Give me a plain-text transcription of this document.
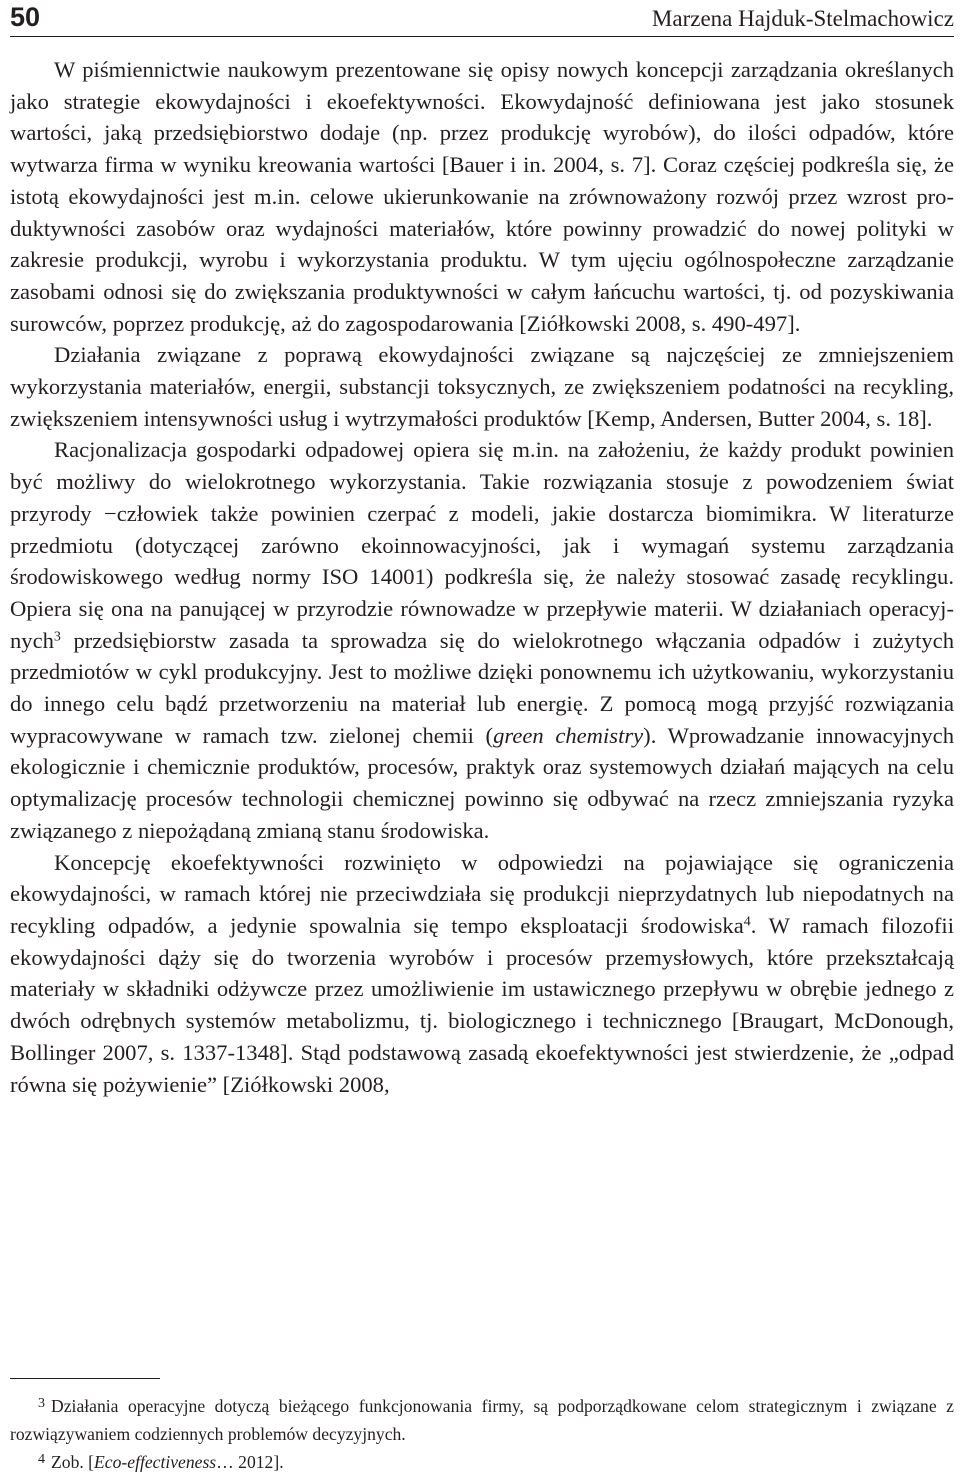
50	Marzena Hajduk-Stelmachowicz

W piśmiennictwie naukowym prezentowane się opisy nowych koncepcji zarządzania określanych jako strategie ekowydajności i ekoefektywności. Ekowydajność definiowana jest jako stosunek wartości, jaką przedsiębiorstwo dodaje (np. przez produkcję wyrobów), do ilości odpadów, które wytwarza firma w wyniku kreowania wartości [Bauer i in. 2004, s. 7]. Coraz częściej podkreśla się, że istotą ekowydajności jest m.in. celowe ukierunkowanie na zrównoważony rozwój przez wzrost produktywności zasobów oraz wydajności materiałów, które powinny prowadzić do nowej polityki w zakresie produkcji, wyrobu i wykorzystania produktu. W tym ujęciu ogólnospołeczne zarządzanie zasobami odnosi się do zwiększania produktywności w całym łańcuchu wartości, tj. od pozyskiwania surowców, poprzez produkcję, aż do zagospodarowania [Ziółkowski 2008, s. 490-497].

Działania związane z poprawą ekowydajności związane są najczęściej ze zmniejszeniem wykorzystania materiałów, energii, substancji toksycznych, ze zwiększeniem podatności na recykling, zwiększeniem intensywności usług i wytrzymałości produktów [Kemp, Andersen, Butter 2004, s. 18].

Racjonalizacja gospodarki odpadowej opiera się m.in. na założeniu, że każdy produkt powinien być możliwy do wielokrotnego wykorzystania. Takie rozwiązania stosuje z powodzeniem świat przyrody −człowiek także powinien czerpać z modeli, jakie dostarcza biomimikra. W literaturze przedmiotu (dotyczącej zarówno ekoinnowacyjności, jak i wymagań systemu zarządzania środowiskowego według normy ISO 14001) podkreśla się, że należy stosować zasadę recyklingu. Opiera się ona na panującej w przyrodzie równowadze w przepływie materii. W działaniach operacyjnych$^3$ przedsiębiorstw zasada ta sprowadza się do wielokrotnego włączania odpadów i zużytych przedmiotów w cykl produkcyjny. Jest to możliwe dzięki ponownemu ich użytkowaniu, wykorzystaniu do innego celu bądź przetworzeniu na materiał lub energię. Z pomocą mogą przyjść rozwiązania wypracowywane w ramach tzw. zielonej chemii (green chemistry). Wprowadzanie innowacyjnych ekologicznie i chemicznie produktów, procesów, praktyk oraz systemowych działań mających na celu optymalizację procesów technologii chemicznej powinno się odbywać na rzecz zmniejszania ryzyka związanego z niepożądaną zmianą stanu środowiska.

Koncepcję ekoefektywności rozwinięto w odpowiedzi na pojawiające się ograniczenia ekowydajności, w ramach której nie przeciwdziała się produkcji nieprzydatnych lub niepodatnych na recykling odpadów, a jedynie spowalnia się tempo eksploatacji środowiska$^4$. W ramach filozofii ekowydajności dąży się do tworzenia wyrobów i procesów przemysłowych, które przekształcają materiały w składniki odżywcze przez umożliwienie im ustawicznego przepływu w obrębie jednego z dwóch odrębnych systemów metabolizmu, tj. biologicznego i technicznego [Braugart, McDonough, Bollinger 2007, s. 1337-1348]. Stąd podstawową zasadą ekoefektywności jest stwierdzenie, że „odpad równa się pożywienie” [Ziółkowski 2008,

$^3$ Działania operacyjne dotyczą bieżącego funkcjonowania firmy, są podporządkowane celom strategicznym i związane z rozwiązywaniem codziennych problemów decyzyjnych.

$^4$ Zob. [Eco-effectiveness… 2012].
